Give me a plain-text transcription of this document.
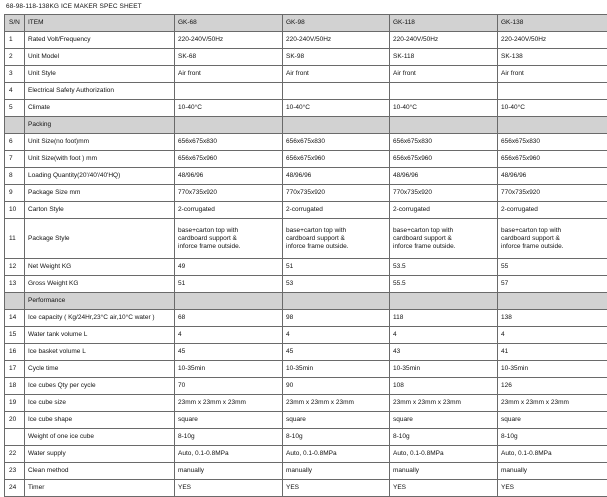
68-98-118-138KG ICE MAKER SPEC SHEET
S/N	ITEM	GK-68	GK-98	GK-118	GK-138
1	Rated Volt/Frequency	220-240V/50Hz	220-240V/50Hz	220-240V/50Hz	220-240V/50Hz
2	Unit Model	SK-68	SK-98	SK-118	SK-138
3	Unit Style	Air front	Air front	Air front	Air front
4	Electrical Safety Authorization				
5	Climate	10-40°C	10-40°C	10-40°C	10-40°C
	Packing				
6	Unit Size(no foot)mm	656x675x830	656x675x830	656x675x830	656x675x830
7	Unit Size(with foot ) mm	656x675x960	656x675x960	656x675x960	656x675x960
8	Loading Quantity(20'/40'/40'HQ)	48/96/96	48/96/96	48/96/96	48/96/96
9	Package Size mm	770x735x920	770x735x920	770x735x920	770x735x920
10	Carton Style	2-corrugated	2-corrugated	2-corrugated	2-corrugated
11	Package Style	base+carton top with
cardboard support &
inforce frame outside.	base+carton top with
cardboard support &
inforce frame outside.	base+carton top with
cardboard support &
inforce frame outside.	base+carton top with
cardboard support &
inforce frame outside.

12	Net Weight KG	49	51	53.5	55
13	Gross Weight KG	51	53	55.5	57
	Performance				
14	Ice capacity ( Kg/24Hr,23°C air,10°C water )	68	98	118	138
15	Water tank volume L	4	4	4	4
16	Ice basket volume L	45	45	43	41
17	Cycle time	10-35min	10-35min	10-35min	10-35min
18	Ice cubes Qty per cycle	70	90	108	126
19	Ice cube size	23mm x 23mm x 23mm	23mm x 23mm x 23mm	23mm x 23mm x 23mm	23mm x 23mm x 23mm
20	Ice cube shape	square	square	square	square
	Weight of one ice cube	8-10g	8-10g	8-10g	8-10g
22	Water supply	Auto, 0.1-0.8MPa	Auto, 0.1-0.8MPa	Auto, 0.1-0.8MPa	Auto, 0.1-0.8MPa
23	Clean method	manually	manually	manually	manually
24	Timer	YES	YES	YES	YES
